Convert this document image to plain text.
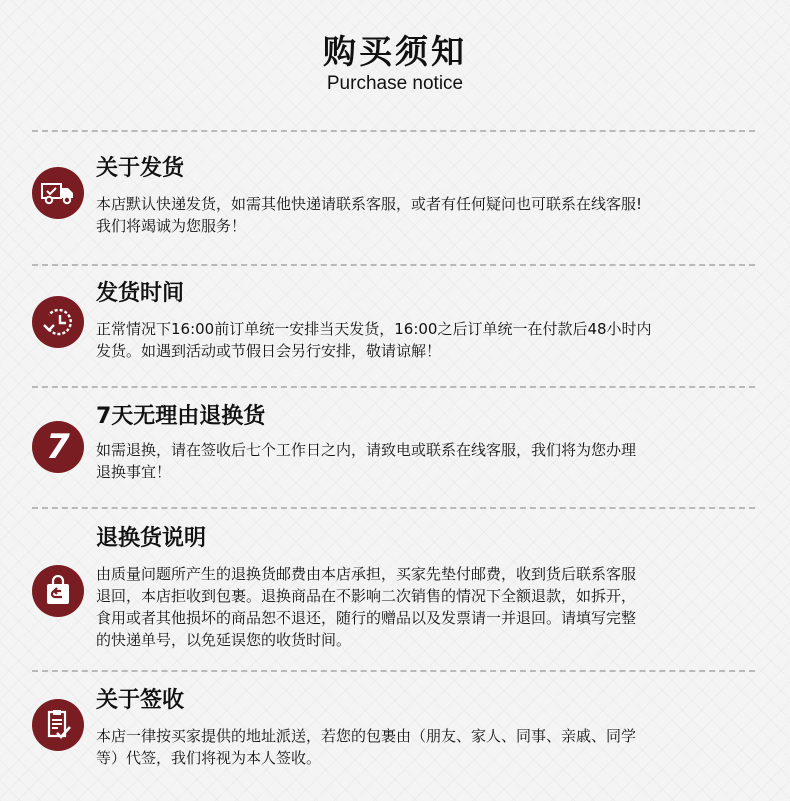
购买须知
Purchase notice
关于发货
本店默认快递发货，如需其他快递请联系客服，或者有任何疑问也可联系在线客服!
我们将竭诚为您服务！
发货时间
正常情况下16:00前订单统一安排当天发货，16:00之后订单统一在付款后48小时内
发货。如遇到活动或节假日会另行安排，敬请谅解！
7
7天无理由退换货
如需退换，请在签收后七个工作日之内，请致电或联系在线客服，我们将为您办理
退换事宜！
退换货说明
由质量问题所产生的退换货邮费由本店承担，买家先垫付邮费，收到货后联系客服
退回，本店拒收到包裹。退换商品在不影响二次销售的情况下全额退款，如拆开，
食用或者其他损坏的商品恕不退还，随行的赠品以及发票请一并退回。请填写完整
的快递单号，以免延误您的收货时间。
关于签收
本店一律按买家提供的地址派送，若您的包裹由（朋友、家人、同事、亲戚、同学
等）代签，我们将视为本人签收。
